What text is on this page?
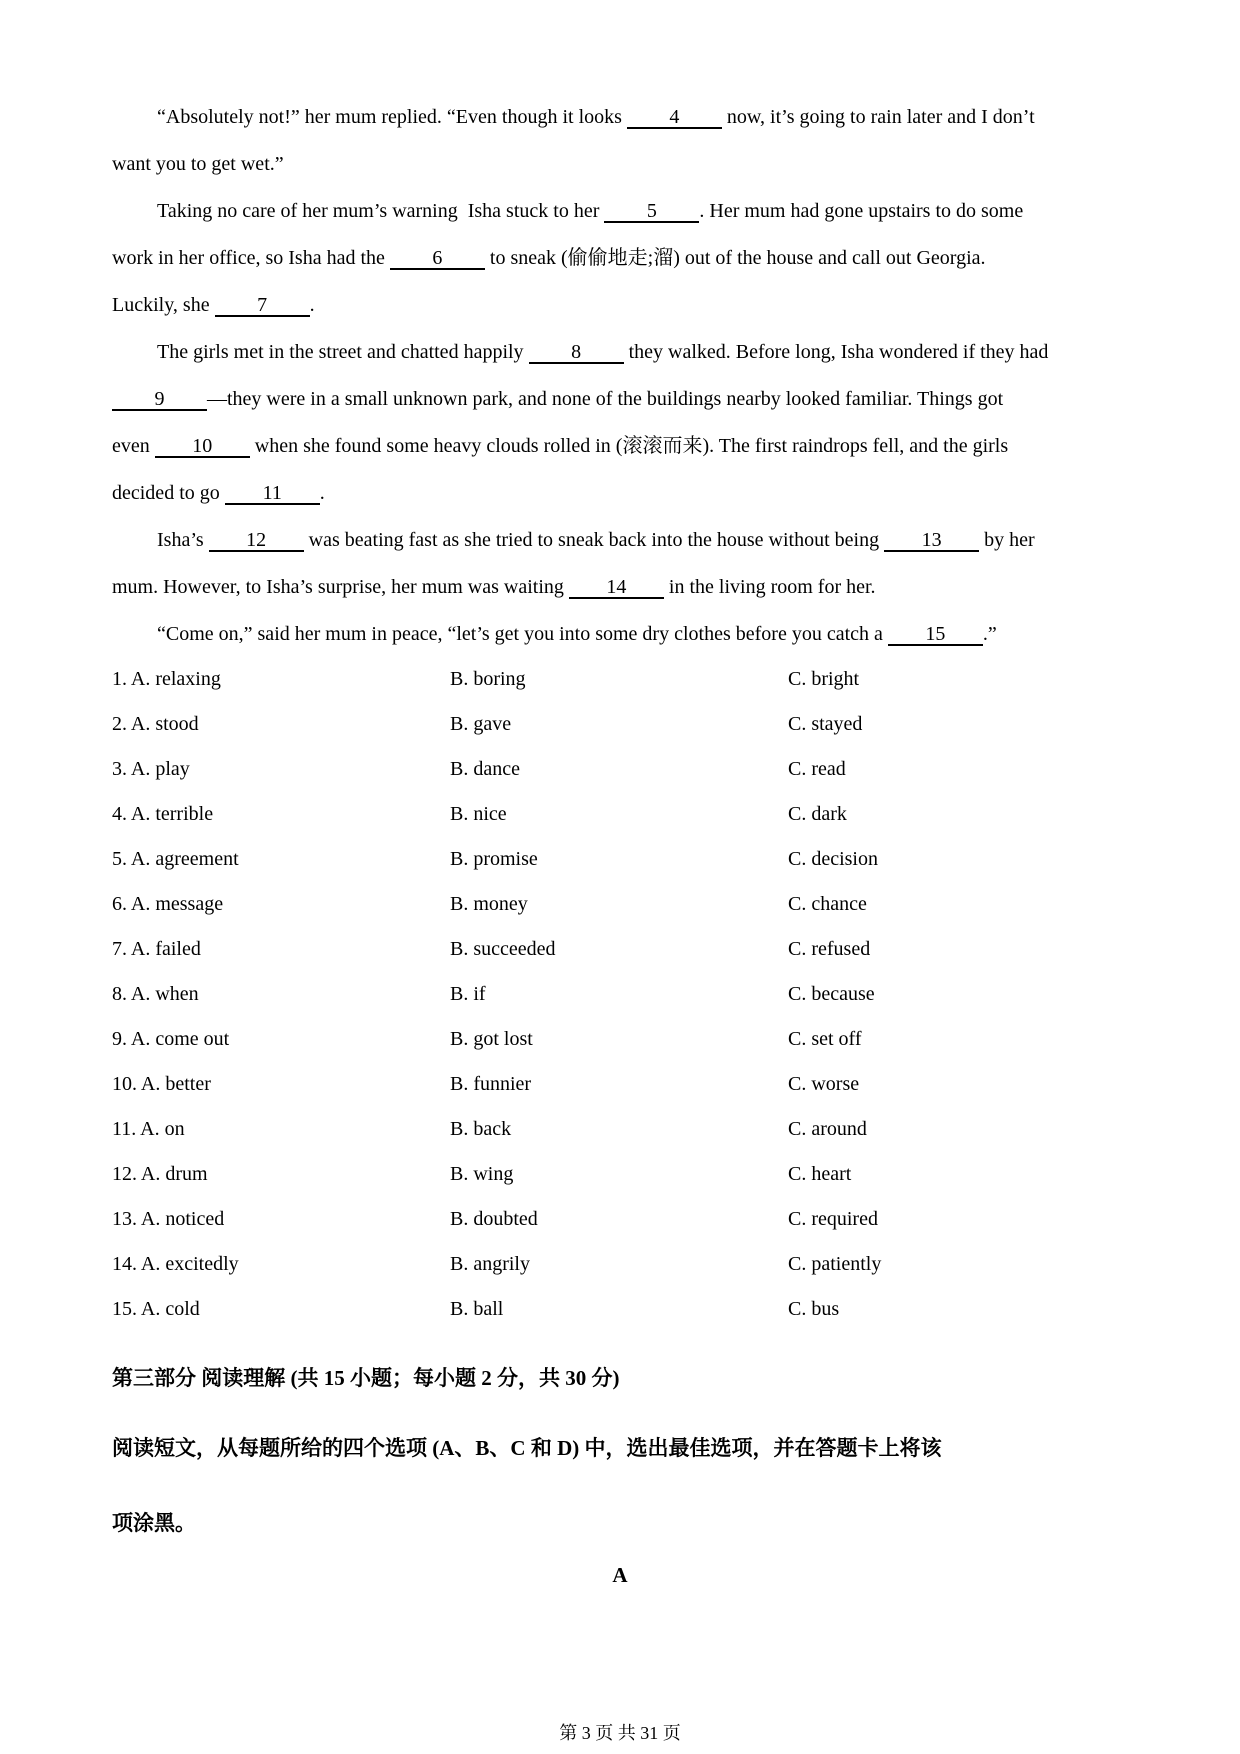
“Absolutely not!” her mum replied. “Even though it looks 4 now, it’s going to rain later and I don’t
want you to get wet.”
Taking no care of her mum’s warning  Isha stuck to her 5 . Her mum had gone upstairs to do some
work in her office, so Isha had the 6 to sneak (偷偷地走;溜) out of the house and call out Georgia.
Luckily, she 7 .
The girls met in the street and chatted happily 8 they walked. Before long, Isha wondered if they had
9 —they were in a small unknown park, and none of the buildings nearby looked familiar. Things got
even 10 when she found some heavy clouds rolled in (滚滚而来). The first raindrops fell, and the girls
decided to go 11 .
Isha’s 12 was beating fast as she tried to sneak back into the house without being 13 by her
mum. However, to Isha’s surprise, her mum was waiting 14 in the living room for her.
“Come on,” said her mum in peace, “let’s get you into some dry clothes before you catch a 15 .”
1. A. relaxing	B. boring	C. bright
2. A. stood	B. gave	C. stayed
3. A. play	B. dance	C. read
4. A. terrible	B. nice	C. dark
5. A. agreement	B. promise	C. decision
6. A. message	B. money	C. chance
7. A. failed	B. succeeded	C. refused
8. A. when	B. if	C. because
9. A. come out	B. got lost	C. set off
10. A. better	B. funnier	C. worse
11. A. on	B. back	C. around
12. A. drum	B. wing	C. heart
13. A. noticed	B. doubted	C. required
14. A. excitedly	B. angrily	C. patiently
15. A. cold	B. ball	C. bus
第三部分 阅读理解 (共 15 小题；每小题 2 分，共 30 分)
阅读短文，从每题所给的四个选项 (A、B、C 和 D) 中，选出最佳选项，并在答题卡上将该
项涂黑。
A
第 3 页 共 31 页
